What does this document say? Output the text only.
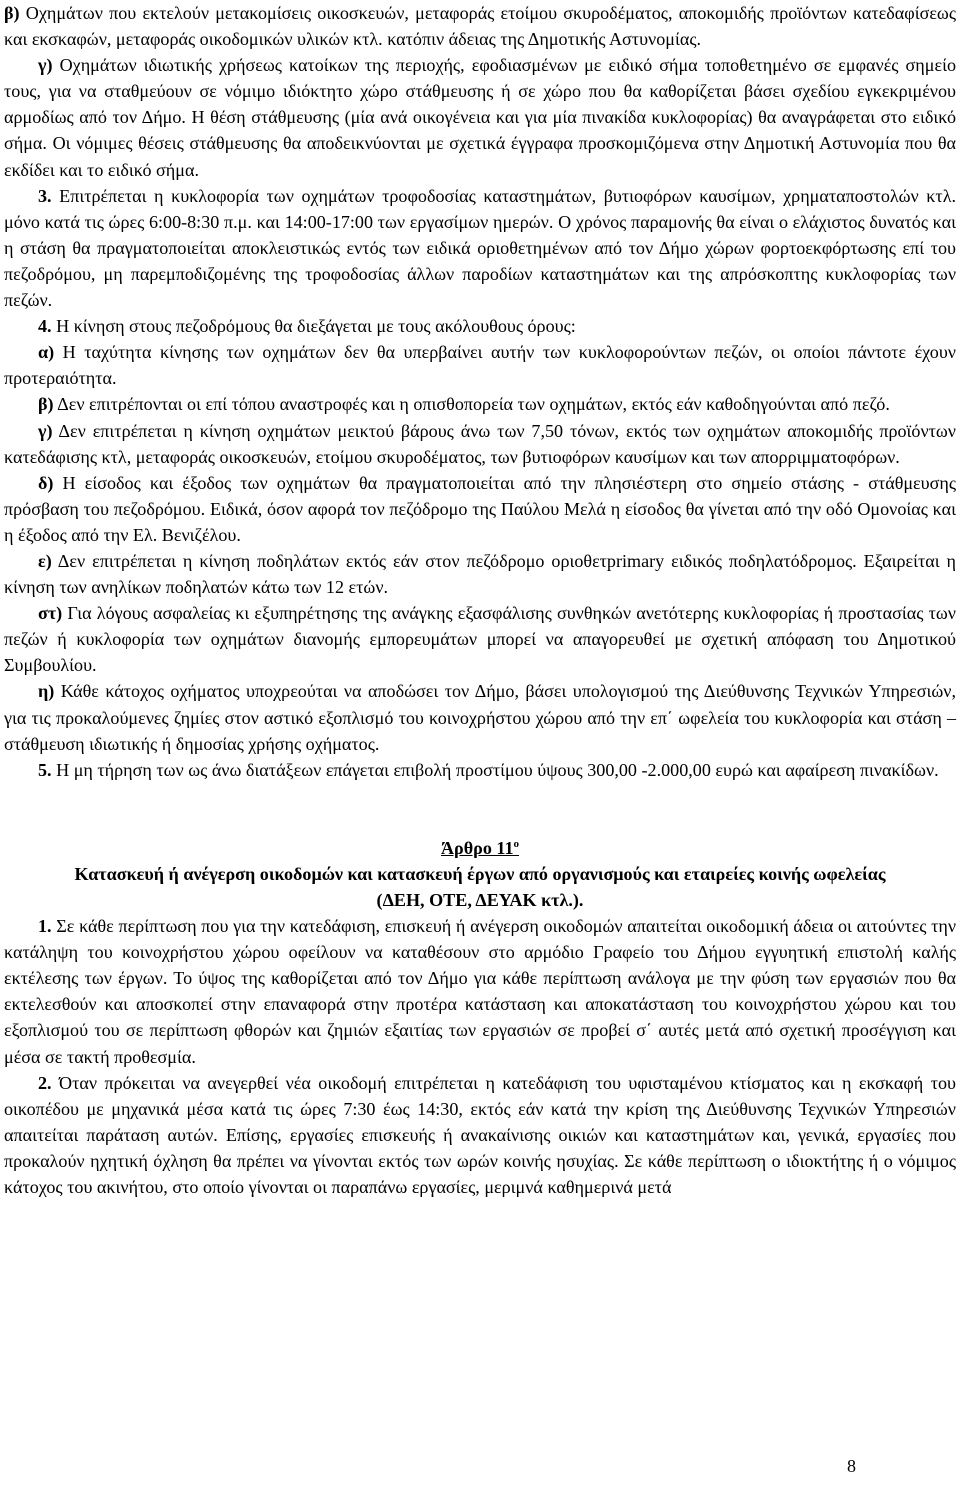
β) Οχημάτων που εκτελούν μετακομίσεις οικοσκευών, μεταφοράς ετοίμου σκυροδέματος, αποκομιδής προϊόντων κατεδαφίσεως και εκσκαφών, μεταφοράς οικοδομικών υλικών κτλ. κατόπιν άδειας της Δημοτικής Αστυνομίας.

γ) Οχημάτων ιδιωτικής χρήσεως κατοίκων της περιοχής, εφοδιασμένων με ειδικό σήμα τοποθετημένο σε εμφανές σημείο τους, για να σταθμεύουν σε νόμιμο ιδιόκτητο χώρο στάθμευσης ή σε χώρο που θα καθορίζεται βάσει σχεδίου εγκεκριμένου αρμοδίως από τον Δήμο. Η θέση στάθμευσης (μία ανά οικογένεια και για μία πινακίδα κυκλοφορίας) θα αναγράφεται στο ειδικό σήμα. Οι νόμιμες θέσεις στάθμευσης θα αποδεικνύονται με σχετικά έγγραφα προσκομιζόμενα στην Δημοτική Αστυνομία που θα εκδίδει και το ειδικό σήμα.

3. Επιτρέπεται η κυκλοφορία των οχημάτων τροφοδοσίας καταστημάτων, βυτιοφόρων καυσίμων, χρηματαποστολών κτλ. μόνο κατά τις ώρες 6:00-8:30 π.μ. και 14:00-17:00 των εργασίμων ημερών. Ο χρόνος παραμονής θα είναι ο ελάχιστος δυνατός και η στάση θα πραγματοποιείται αποκλειστικώς εντός των ειδικά οριοθετημένων από τον Δήμο χώρων φορτοεκφόρτωσης επί του πεζοδρόμου, μη παρεμποδιζομένης της τροφοδοσίας άλλων παροδίων καταστημάτων και της απρόσκοπτης κυκλοφορίας των πεζών.

4. Η κίνηση στους πεζοδρόμους θα διεξάγεται με τους ακόλουθους όρους:

α) Η ταχύτητα κίνησης των οχημάτων δεν θα υπερβαίνει αυτήν των κυκλοφορούντων πεζών, οι οποίοι πάντοτε έχουν προτεραιότητα.

β) Δεν επιτρέπονται οι επί τόπου αναστροφές και η οπισθοπορεία των οχημάτων, εκτός εάν καθοδηγούνται από πεζό.

γ) Δεν επιτρέπεται η κίνηση οχημάτων μεικτού βάρους άνω των 7,50 τόνων, εκτός των οχημάτων αποκομιδής προϊόντων κατεδάφισης κτλ, μεταφοράς οικοσκευών, ετοίμου σκυροδέματος, των βυτιοφόρων καυσίμων και των απορριμματοφόρων.

δ) Η είσοδος και έξοδος των οχημάτων θα πραγματοποιείται από την πλησιέστερη στο σημείο στάσης - στάθμευσης πρόσβαση του πεζοδρόμου. Ειδικά, όσον αφορά τον πεζόδρομο της Παύλου Μελά η είσοδος θα γίνεται από την οδό Ομονοίας και η έξοδος από την Ελ. Βενιζέλου.

ε) Δεν επιτρέπεται η κίνηση ποδηλάτων εκτός εάν στον πεζόδρομο οριοθετprimary ειδικός ποδηλατόδρομος. Εξαιρείται η κίνηση των ανηλίκων ποδηλατών κάτω των 12 ετών.

στ) Για λόγους ασφαλείας κι εξυπηρέτησης της ανάγκης εξασφάλισης συνθηκών ανετότερης κυκλοφορίας ή προστασίας των πεζών ή κυκλοφορία των οχημάτων διανομής εμπορευμάτων μπορεί να απαγορευθεί με σχετική απόφαση του Δημοτικού Συμβουλίου.

η) Κάθε κάτοχος οχήματος υποχρεούται να αποδώσει τον Δήμο, βάσει υπολογισμού της Διεύθυνσης Τεχνικών Υπηρεσιών, για τις προκαλούμενες ζημίες στον αστικό εξοπλισμό του κοινοχρήστου χώρου από την επ΄ ωφελεία του κυκλοφορία και στάση – στάθμευση ιδιωτικής ή δημοσίας χρήσης οχήματος.

5. Η μη τήρηση των ως άνω διατάξεων επάγεται επιβολή προστίμου ύψους 300,00 -2.000,00 ευρώ και αφαίρεση πινακίδων.

Άρθρο $11^o$

Κατασκευή ή ανέγερση οικοδομών και κατασκευή έργων από οργανισμούς και εταιρείες κοινής ωφελείας (ΔΕΗ, ΟΤΕ, ΔΕΥΑΚ κτλ.).

1. Σε κάθε περίπτωση που για την κατεδάφιση, επισκευή ή ανέγερση οικοδομών απαιτείται οικοδομική άδεια οι αιτούντες την κατάληψη του κοινοχρήστου χώρου οφείλουν να καταθέσουν στο αρμόδιο Γραφείο του Δήμου εγγυητική επιστολή καλής εκτέλεσης των έργων. Το ύψος της καθορίζεται από τον Δήμο για κάθε περίπτωση ανάλογα με την φύση των εργασιών που θα εκτελεσθούν και αποσκοπεί στην επαναφορά στην προτέρα κατάσταση και αποκατάσταση του κοινοχρήστου χώρου και του εξοπλισμού του σε περίπτωση φθορών και ζημιών εξαιτίας των εργασιών σε προβεί σ΄ αυτές μετά από σχετική προσέγγιση και μέσα σε τακτή προθεσμία.

2. Όταν πρόκειται να ανεγερθεί νέα οικοδομή επιτρέπεται η κατεδάφιση του υφισταμένου κτίσματος και η εκσκαφή του οικοπέδου με μηχανικά μέσα κατά τις ώρες 7:30 έως 14:30, εκτός εάν κατά την κρίση της Διεύθυνσης Τεχνικών Υπηρεσιών απαιτείται παράταση αυτών. Επίσης, εργασίες επισκευής ή ανακαίνισης οικιών και καταστημάτων και, γενικά, εργασίες που προκαλούν ηχητική όχληση θα πρέπει να γίνονται εκτός των ωρών κοινής ησυχίας. Σε κάθε περίπτωση ο ιδιοκτήτης ή ο νόμιμος κάτοχος του ακινήτου, στο οποίο γίνονται οι παραπάνω εργασίες, μεριμνά καθημερινά μετά

8
